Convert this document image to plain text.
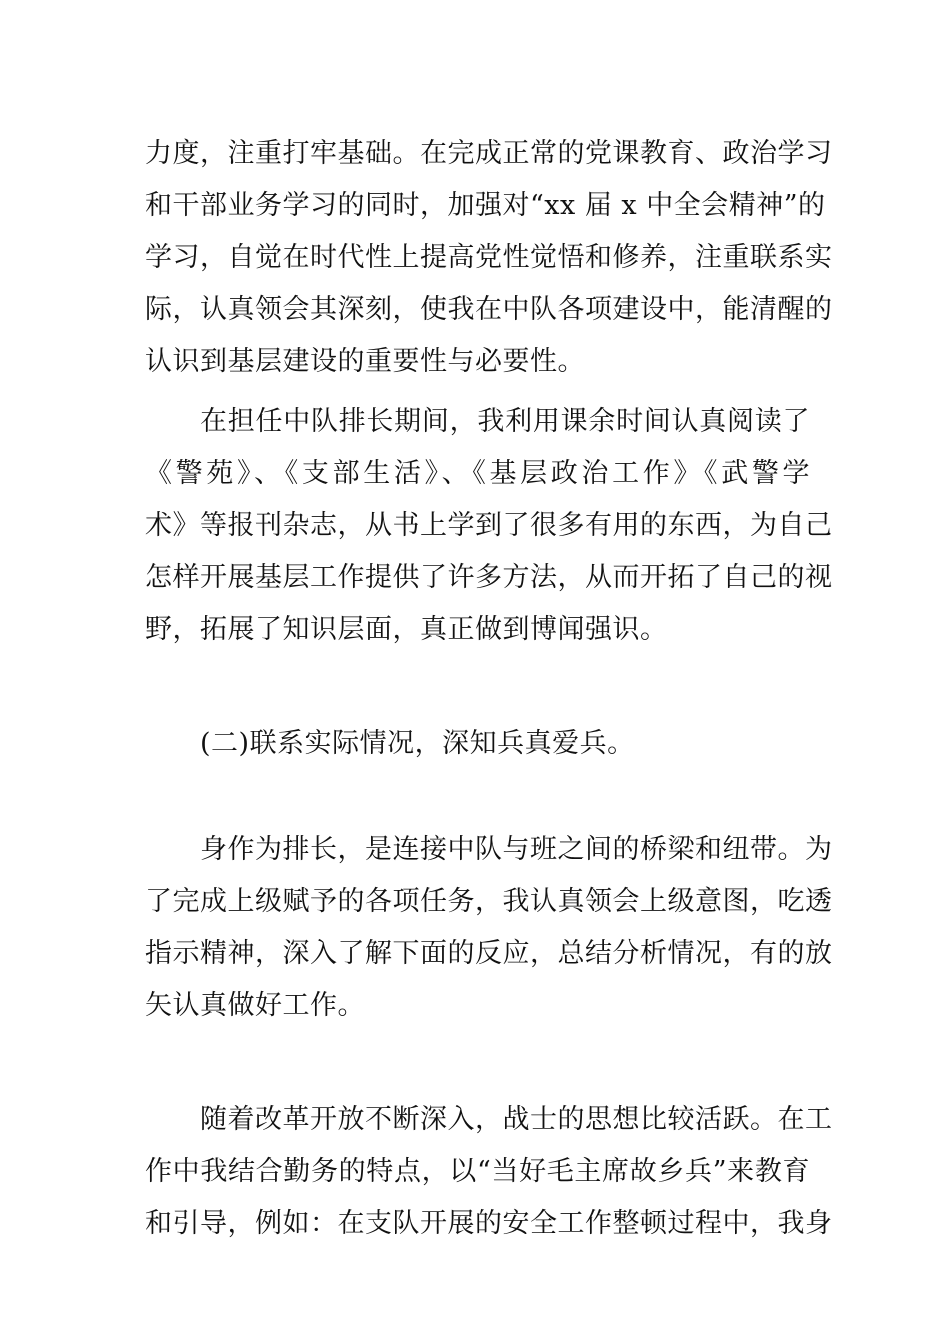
力度，注重打牢基础。在完成正常的党课教育、政治学习
和干部业务学习的同时，加强对“xx 届 x 中全会精神”的
学习，自觉在时代性上提高党性觉悟和修养，注重联系实
际，认真领会其深刻，使我在中队各项建设中，能清醒的
认识到基层建设的重要性与必要性。
在担任中队排长期间，我利用课余时间认真阅读了
《警苑》、《支部生活》、《基层政治工作》《武警学
术》等报刊杂志，从书上学到了很多有用的东西，为自己
怎样开展基层工作提供了许多方法，从而开拓了自己的视
野，拓展了知识层面，真正做到博闻强识。
(二)联系实际情况，深知兵真爱兵。
身作为排长，是连接中队与班之间的桥梁和纽带。为
了完成上级赋予的各项任务，我认真领会上级意图，吃透
指示精神，深入了解下面的反应，总结分析情况，有的放
矢认真做好工作。
随着改革开放不断深入，战士的思想比较活跃。在工
作中我结合勤务的特点，以“当好毛主席故乡兵”来教育
和引导，例如：在支队开展的安全工作整顿过程中，我身
